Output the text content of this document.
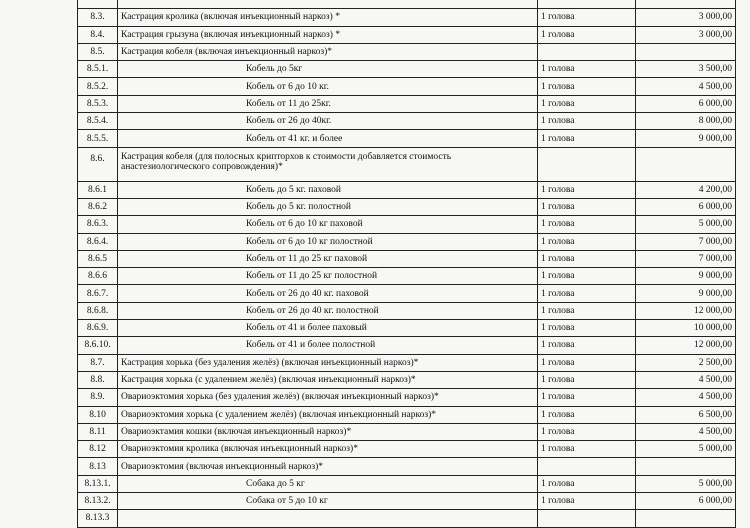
8.3.	Кастрация кролика (включая инъекционный наркоз) *	1 голова	3 000,00
8.4.	Кастрация грызуна (включая инъекционный наркоз) *	1 голова	3 000,00
8.5.	Кастрация кобеля (включая инъекционный наркоз)*		
8.5.1.	Кобель до 5кг	1 голова	3 500,00
8.5.2.	Кобель от 6 до 10 кг.	1 голова	4 500,00
8.5.3.	Кобель от 11 до 25кг.	1 голова	6 000,00
8.5.4.	Кобель от 26 до 40кг.	1 голова	8 000,00
8.5.5.	Кобель от 41 кг. и более	1 голова	9 000,00
8.6.	Кастрация кобеля (для полосных крипторхов к стоимости добавляется стоимость анастезиологического сопровождения)*		
8.6.1	Кобель до 5 кг. паховой	1 голова	4 200,00
8.6.2	Кобель до 5 кг. полостной	1 голова	6 000,00
8.6.3.	Кобель от 6 до 10 кг паховой	1 голова	5 000,00
8.6.4.	Кобель от 6 до 10 кг полостной	1 голова	7 000,00
8.6.5	Кобель от 11 до 25 кг паховой	1 голова	7 000,00
8.6.6	Кобель от 11 до 25 кг полостной	1 голова	9 000,00
8.6.7.	Кобель от 26 до 40 кг. паховой	1 голова	9 000,00
8.6.8.	Кобель от 26 до 40 кг. полостной	1 голова	12 000,00
8.6.9.	Кобель от 41 и более паховый	1 голова	10 000,00
8.6.10.	Кобель от 41 и более полостной	1 голова	12 000,00
8.7.	Кастрация хорька (без удаления желёз) (включая инъекционный наркоз)*	1 голова	2 500,00
8.8.	Кастрация хорька (с удалением желёз) (включая инъекционный наркоз)*	1 голова	4 500,00
8.9.	Овариоэктомия хорька (без удаления желёз) (включая инъекционный наркоз)*	1 голова	4 500,00
8.10	Овариоэктомия хорька (с удалением желёз) (включая инъекционный наркоз)*	1 голова	6 500,00
8.11	Овариоэктамия кошки (включая инъекционный наркоз)*	1 голова	4 500,00
8.12	Овариоэктомия кролика (включая инъекционный наркоз)*	1 голова	5 000,00
8.13	Овариоэктомия (включая инъекционный наркоз)*		
8.13.1.	Собака до 5 кг	1 голова	5 000,00
8.13.2.	Собака от 5 до 10 кг	1 голова	6 000,00
8.13.3			
